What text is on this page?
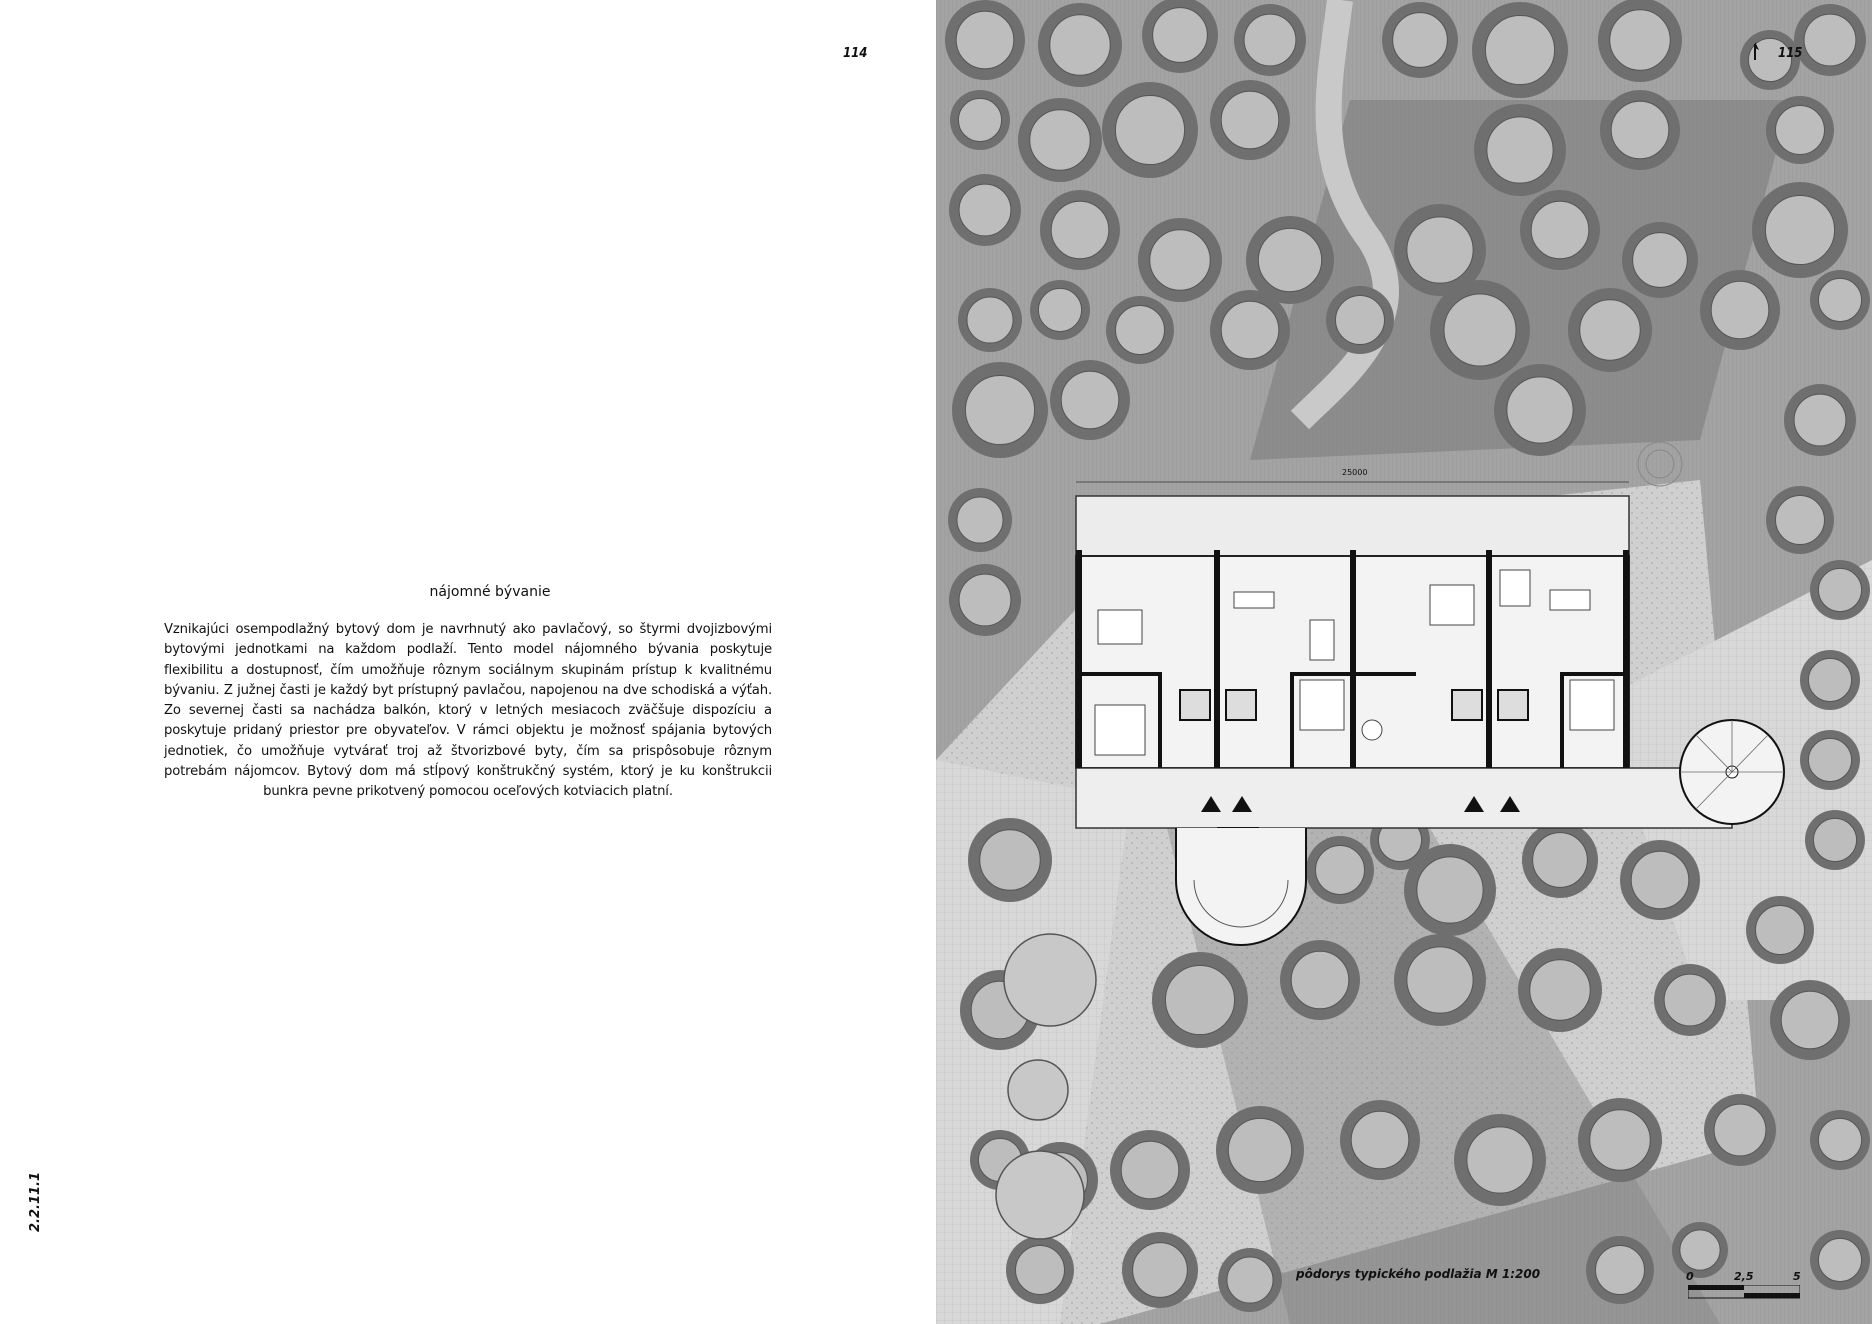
114	115
nájomné bývanie
Vznikajúci osempodlažný bytový dom je navrhnutý ako pavlačový, so štyrmi dvojizbovými bytovými jednotkami na každom podlaží. Tento model nájomného bývania poskytuje flexibilitu a dostupnosť, čím umožňuje rôznym sociálnym skupinám prístup k kvalitnému bývaniu. Z južnej časti je každý byt prístupný pavlačou, napojenou na dve schodiská a výťah. Zo severnej časti sa nachádza balkón, ktorý v letných mesiacoch zväčšuje dispozíciu a poskytuje pridaný priestor pre obyvateľov. V rámci objektu je možnosť spájania bytových jednotiek, čo umožňuje vytvárať troj až štvorizbové byty, čím sa prispôsobuje rôznym potrebám nájomcov. Bytový dom má stĺpový konštrukčný systém, ktorý je ku konštrukcii bunkra pevne prikotvený pomocou oceľových kotviacich platní.
2.2.11.1
25000
pôdorys typického podlažia M 1:200	0	2,5	5
